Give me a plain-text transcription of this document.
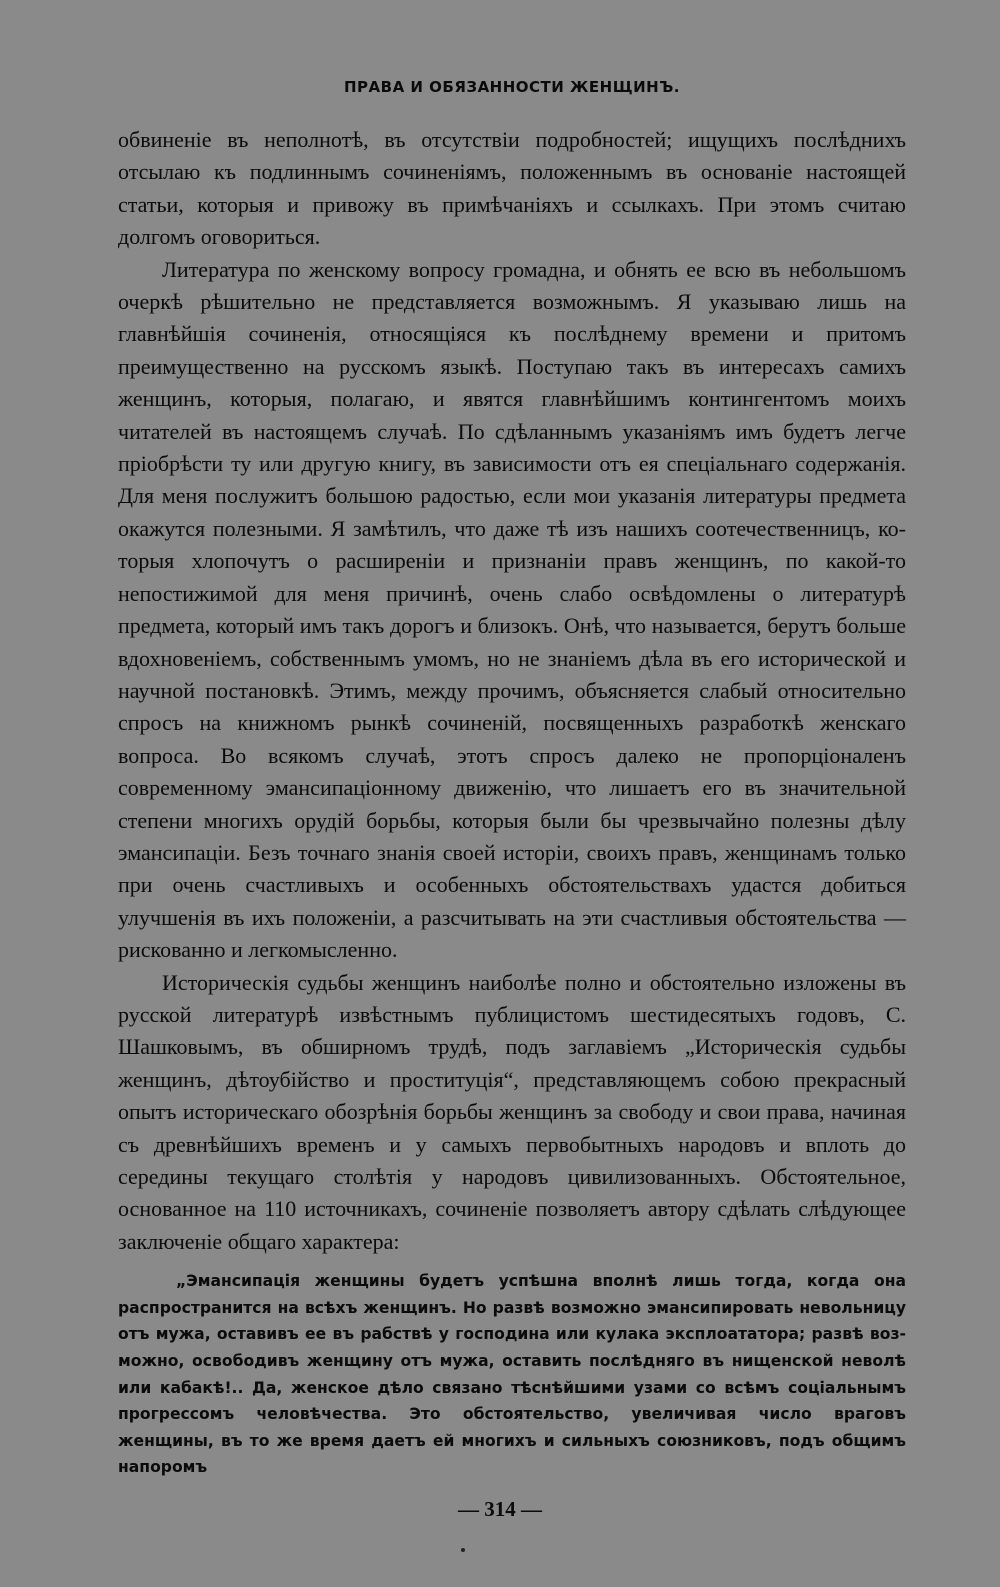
ПРАВА И ОБЯЗАННОСТИ ЖЕНЩИНЪ.

обвиненіе въ неполнотѣ, въ отсутствіи подробностей; ищущихъ послѣднихъ отсылаю къ подлиннымъ сочиненіямъ, положеннымъ въ основаніе настоящей статьи, которыя и привожу въ примѣчаніяхъ и ссылкахъ. При этомъ считаю долгомъ оговориться.

Литература по женскому вопросу громадна, и обнять ее всю въ небольшомъ очеркѣ рѣшительно не представляется возможнымъ. Я указываю лишь на главнѣйшія сочиненія, относящіяся къ послѣднему времени и притомъ преимущественно на русскомъ языкѣ. Поступаю такъ въ интересахъ самихъ женщинъ, которыя, полагаю, и явятся главнѣйшимъ контингентомъ моихъ читателей въ настоящемъ случаѣ. По сдѣланнымъ указаніямъ имъ будетъ легче пріобрѣсти ту или другую книгу, въ зависимости отъ ея спеціальнаго содержанія. Для меня послужитъ большою радостью, если мои указанія литературы предмета окажутся полезными. Я замѣтилъ, что даже тѣ изъ нашихъ соотечественницъ, которыя хлопочутъ о расширеніи и признаніи правъ женщинъ, по какой-то непостижимой для меня причинѣ, очень слабо освѣдомлены о литературѣ предмета, который имъ такъ дорогъ и близокъ. Онѣ, что называется, берутъ больше вдохновеніемъ, собственнымъ умомъ, но не знаніемъ дѣла въ его исторической и научной постановкѣ. Этимъ, между прочимъ, объясняется слабый относительно спросъ на книжномъ рынкѣ сочиненій, посвященныхъ разработкѣ женскаго вопроса. Во всякомъ случаѣ, этотъ спросъ далеко не пропорціоналенъ современному эмансипаціонному движенію, что лишаетъ его въ значительной степени многихъ орудій борьбы, которыя были бы чрезвычайно полезны дѣлу эмансипаціи. Безъ точнаго знанія своей исторіи, своихъ правъ, женщинамъ только при очень счастливыхъ и особенныхъ обстоятельствахъ удастся добиться улучшенія въ ихъ положеніи, а разсчитывать на эти счастливыя обстоятельства — рискованно и легкомысленно.

Историческія судьбы женщинъ наиболѣе полно и обстоятельно изложены въ русской литературѣ извѣстнымъ публицистомъ шестидесятыхъ годовъ, С. Шашковымъ, въ обширномъ трудѣ, подъ заглавіемъ „Историческія судьбы женщинъ, дѣтоубійство и проституція“, представляющемъ собою прекрасный опытъ историческаго обозрѣнія борьбы женщинъ за свободу и свои права, начиная съ древнѣйшихъ временъ и у самыхъ первобытныхъ народовъ и вплоть до середины текущаго столѣтія у народовъ цивилизованныхъ. Обстоятельное, основанное на 110 источникахъ, сочиненіе позволяетъ автору сдѣлать слѣдующее заключеніе общаго характера:

„Эмансипація женщины будетъ успѣшна вполнѣ лишь тогда, когда она распространится на всѣхъ женщинъ. Но развѣ возможно эмансипировать невольницу отъ мужа, оставивъ ее въ рабствѣ у господина или кулака эксплоататора; развѣ возможно, освободивъ женщину отъ мужа, оставить послѣдняго въ нищенской неволѣ или кабакѣ!.. Да, женское дѣло связано тѣснѣйшими узами со всѣмъ соціальнымъ прогрессомъ человѣчества. Это обстоятельство, увеличивая число враговъ женщины, въ то же время даетъ ей многихъ и сильныхъ союзниковъ, подъ общимъ напоромъ

— 314 —
